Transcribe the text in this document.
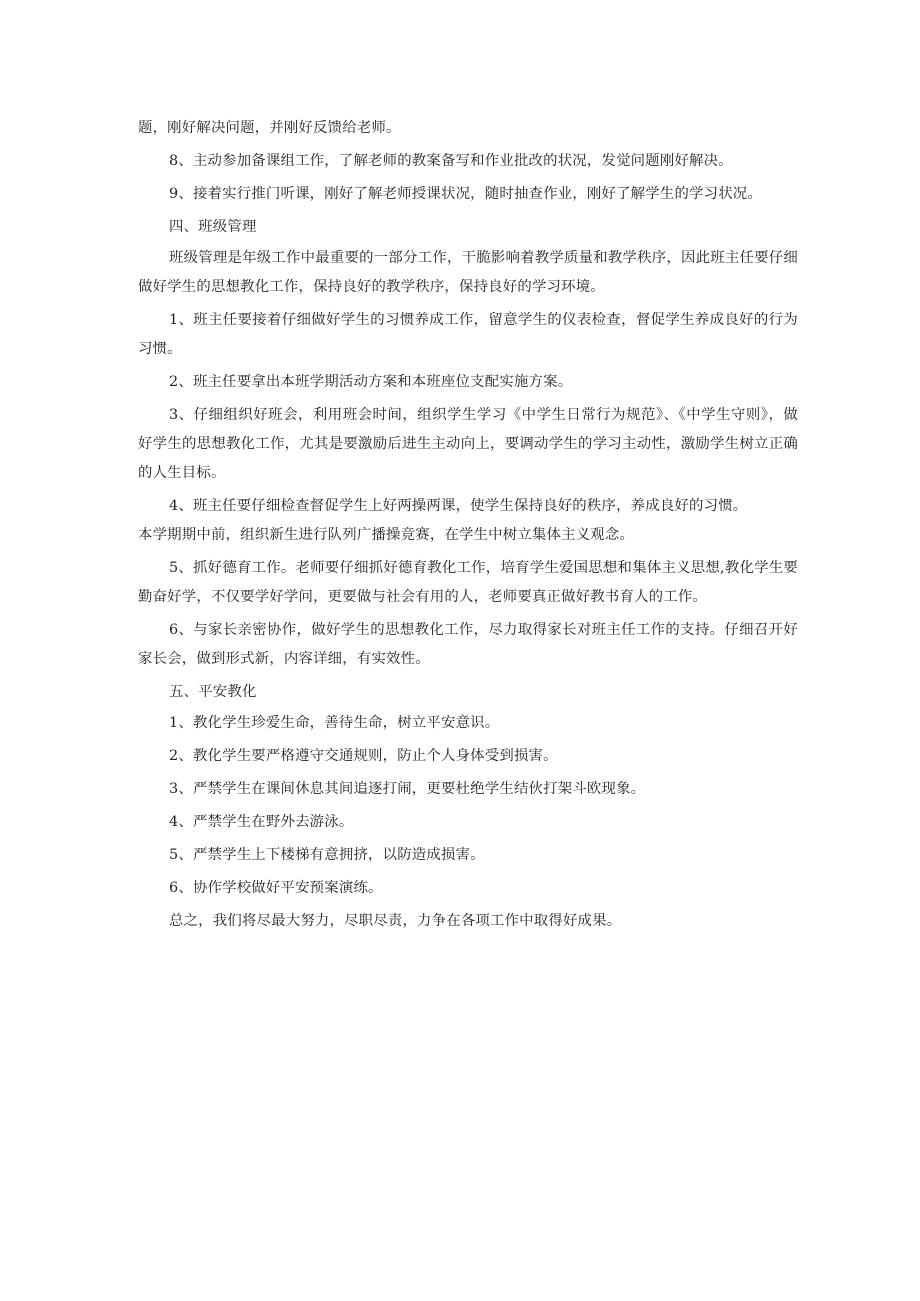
题，刚好解决问题，并刚好反馈给老师。

8、主动参加备课组工作，了解老师的教案备写和作业批改的状况，发觉问题刚好解决。

9、接着实行推门听课，刚好了解老师授课状况，随时抽查作业，刚好了解学生的学习状况。

四、班级管理

班级管理是年级工作中最重要的一部分工作，干脆影响着教学质量和教学秩序，因此班主任要仔细做好学生的思想教化工作，保持良好的教学秩序，保持良好的学习环境。

1、班主任要接着仔细做好学生的习惯养成工作，留意学生的仪表检查，督促学生养成良好的行为习惯。

2、班主任要拿出本班学期活动方案和本班座位支配实施方案。

3、仔细组织好班会，利用班会时间，组织学生学习《中学生日常行为规范》、《中学生守则》，做好学生的思想教化工作，尤其是要激励后进生主动向上，要调动学生的学习主动性，激励学生树立正确的人生目标。

4、班主任要仔细检查督促学生上好两操两课，使学生保持良好的秩序，养成良好的习惯。

本学期期中前，组织新生进行队列广播操竞赛，在学生中树立集体主义观念。

5、抓好德育工作。老师要仔细抓好德育教化工作，培育学生爱国思想和集体主义思想,教化学生要勤奋好学，不仅要学好学问，更要做与社会有用的人，老师要真正做好教书育人的工作。

6、与家长亲密协作，做好学生的思想教化工作，尽力取得家长对班主任工作的支持。仔细召开好家长会，做到形式新，内容详细，有实效性。

五、平安教化

1、教化学生珍爱生命，善待生命，树立平安意识。

2、教化学生要严格遵守交通规则，防止个人身体受到损害。

3、严禁学生在课间休息其间追逐打闹，更要杜绝学生结伙打架斗欧现象。

4、严禁学生在野外去游泳。

5、严禁学生上下楼梯有意拥挤，以防造成损害。

6、协作学校做好平安预案演练。

总之，我们将尽最大努力，尽职尽责，力争在各项工作中取得好成果。
